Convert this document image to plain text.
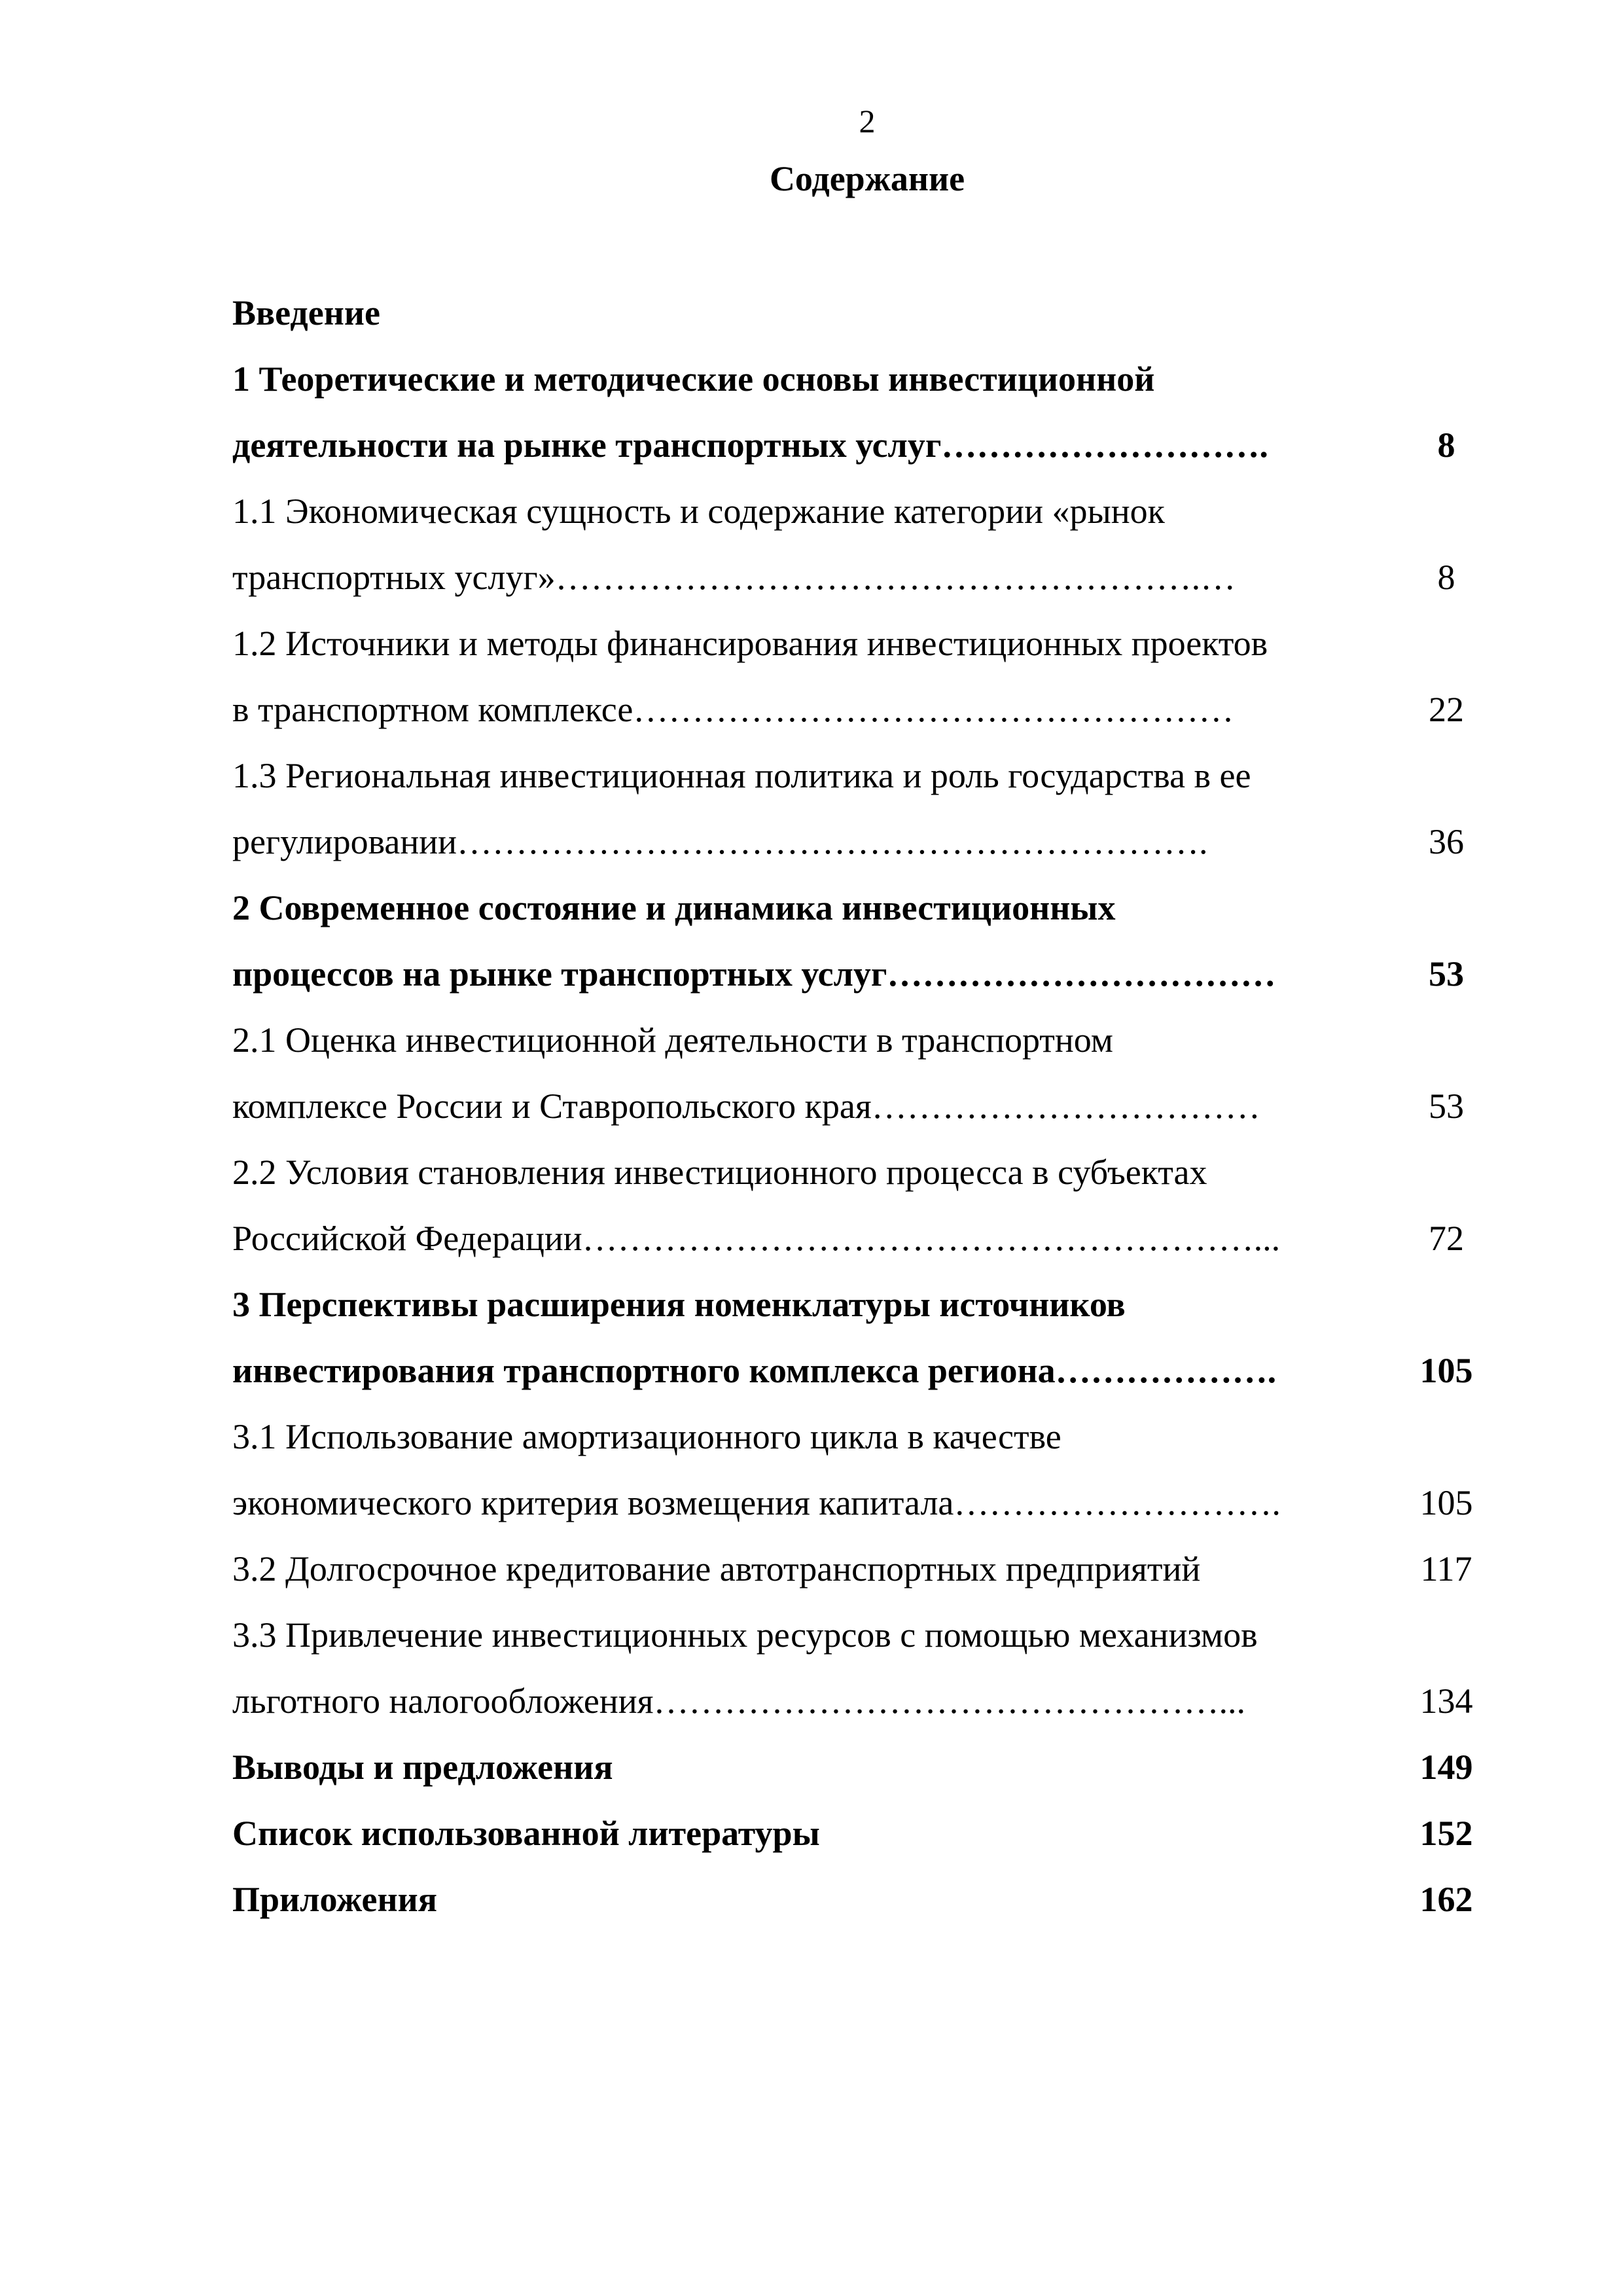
2
Содержание
Введение
1 Теоретические и методические основы инвестиционной
деятельности на рынке транспортных услуг……………………….	8
1.1 Экономическая сущность и содержание категории «рынок
транспортных услуг»……………………………………………….…	8
1.2 Источники и методы финансирования инвестиционных проектов
в транспортном комплексе……………………………………………	22
1.3 Региональная инвестиционная политика и роль государства в ее
регулировании……………………………………………………….	36
2 Современное состояние и динамика инвестиционных
процессов на рынке транспортных услуг……………………………	53
2.1 Оценка инвестиционной деятельности в транспортном
комплексе России и Ставропольского края……………………………	53
2.2 Условия становления инвестиционного процесса в субъектах
Российской Федерации…………………………………………………...	72
3 Перспективы расширения номенклатуры источников
инвестирования транспортного комплекса региона……………….	105
3.1 Использование амортизационного цикла в качестве
экономического критерия возмещения капитала……………………….	105
3.2 Долгосрочное кредитование автотранспортных предприятий	117
3.3 Привлечение инвестиционных ресурсов с помощью механизмов
льготного налогообложения…………………………………………...	134
Выводы и предложения	149
Список использованной литературы	152
Приложения	162
